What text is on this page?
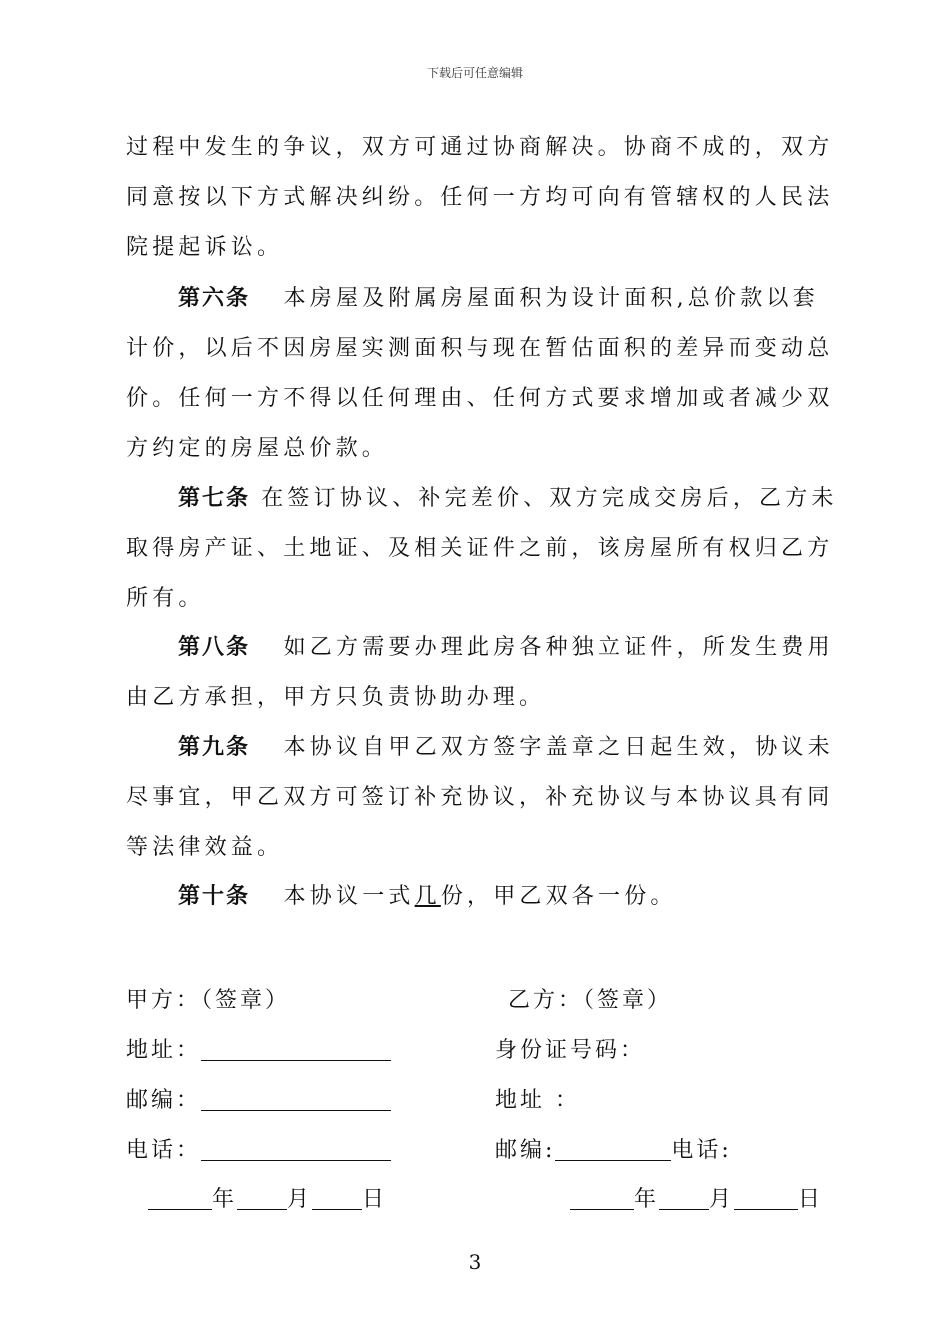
下载后可任意编辑

过程中发生的争议，双方可通过协商解决。协商不成的，双方同意按以下方式解决纠纷。任何一方均可向有管辖权的人民法院提起诉讼。

第六条 本房屋及附属房屋面积为设计面积,总价款以套计价，以后不因房屋实测面积与现在暂估面积的差异而变动总价。任何一方不得以任何理由、任何方式要求增加或者减少双方约定的房屋总价款。

第七条 在签订协议、补完差价、双方完成交房后，乙方未取得房产证、土地证、及相关证件之前，该房屋所有权归乙方所有。

第八条 如乙方需要办理此房各种独立证件，所发生费用由乙方承担，甲方只负责协助办理。

第九条 本协议自甲乙双方签字盖章之日起生效，协议未尽事宜，甲乙双方可签订补充协议，补充协议与本协议具有同等法律效益。

第十条 本协议一式几份，甲乙双各一份。

甲方：（签章）
地址：
邮编：
电话：
年 月 日
乙方：（签章）
身份证号码：
地址 ：
邮编:	电话:
年 月	日
3
